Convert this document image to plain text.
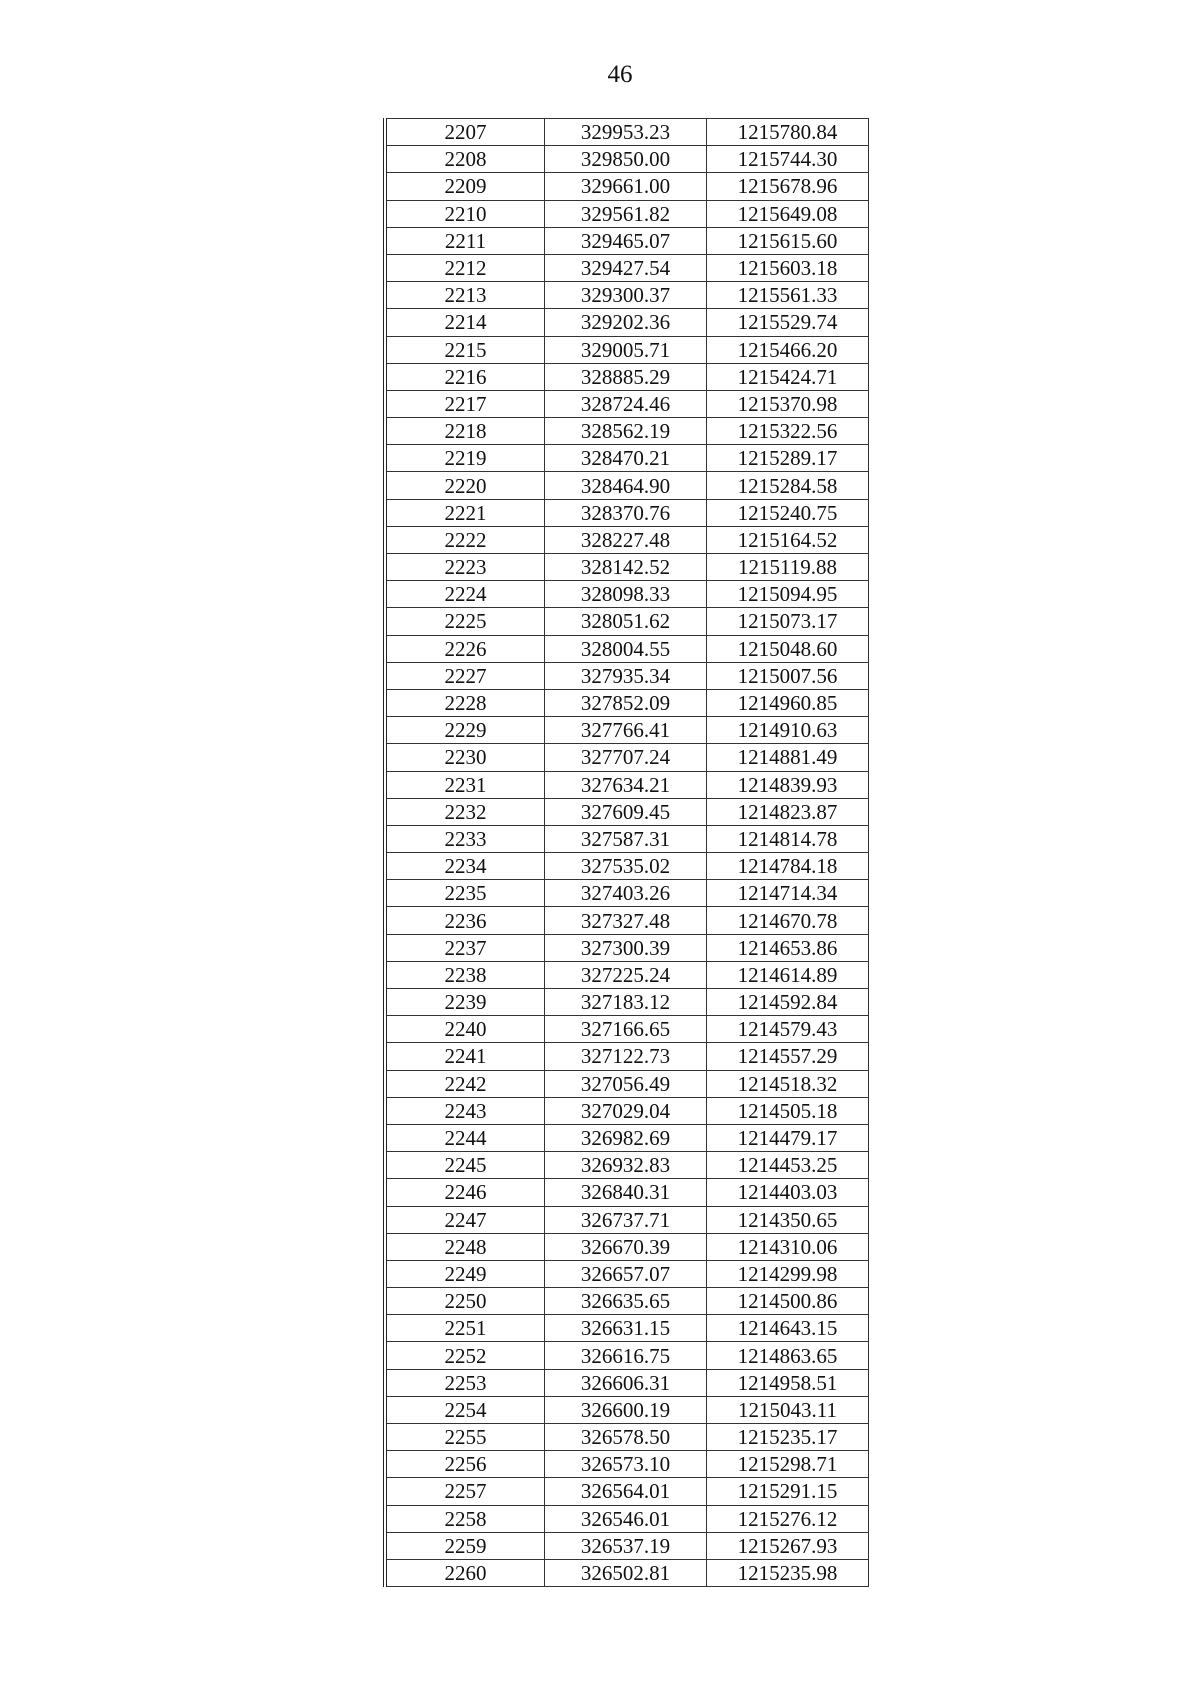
46
2207	329953.23	1215780.84
2208	329850.00	1215744.30
2209	329661.00	1215678.96
2210	329561.82	1215649.08
2211	329465.07	1215615.60
2212	329427.54	1215603.18
2213	329300.37	1215561.33
2214	329202.36	1215529.74
2215	329005.71	1215466.20
2216	328885.29	1215424.71
2217	328724.46	1215370.98
2218	328562.19	1215322.56
2219	328470.21	1215289.17
2220	328464.90	1215284.58
2221	328370.76	1215240.75
2222	328227.48	1215164.52
2223	328142.52	1215119.88
2224	328098.33	1215094.95
2225	328051.62	1215073.17
2226	328004.55	1215048.60
2227	327935.34	1215007.56
2228	327852.09	1214960.85
2229	327766.41	1214910.63
2230	327707.24	1214881.49
2231	327634.21	1214839.93
2232	327609.45	1214823.87
2233	327587.31	1214814.78
2234	327535.02	1214784.18
2235	327403.26	1214714.34
2236	327327.48	1214670.78
2237	327300.39	1214653.86
2238	327225.24	1214614.89
2239	327183.12	1214592.84
2240	327166.65	1214579.43
2241	327122.73	1214557.29
2242	327056.49	1214518.32
2243	327029.04	1214505.18
2244	326982.69	1214479.17
2245	326932.83	1214453.25
2246	326840.31	1214403.03
2247	326737.71	1214350.65
2248	326670.39	1214310.06
2249	326657.07	1214299.98
2250	326635.65	1214500.86
2251	326631.15	1214643.15
2252	326616.75	1214863.65
2253	326606.31	1214958.51
2254	326600.19	1215043.11
2255	326578.50	1215235.17
2256	326573.10	1215298.71
2257	326564.01	1215291.15
2258	326546.01	1215276.12
2259	326537.19	1215267.93
2260	326502.81	1215235.98
